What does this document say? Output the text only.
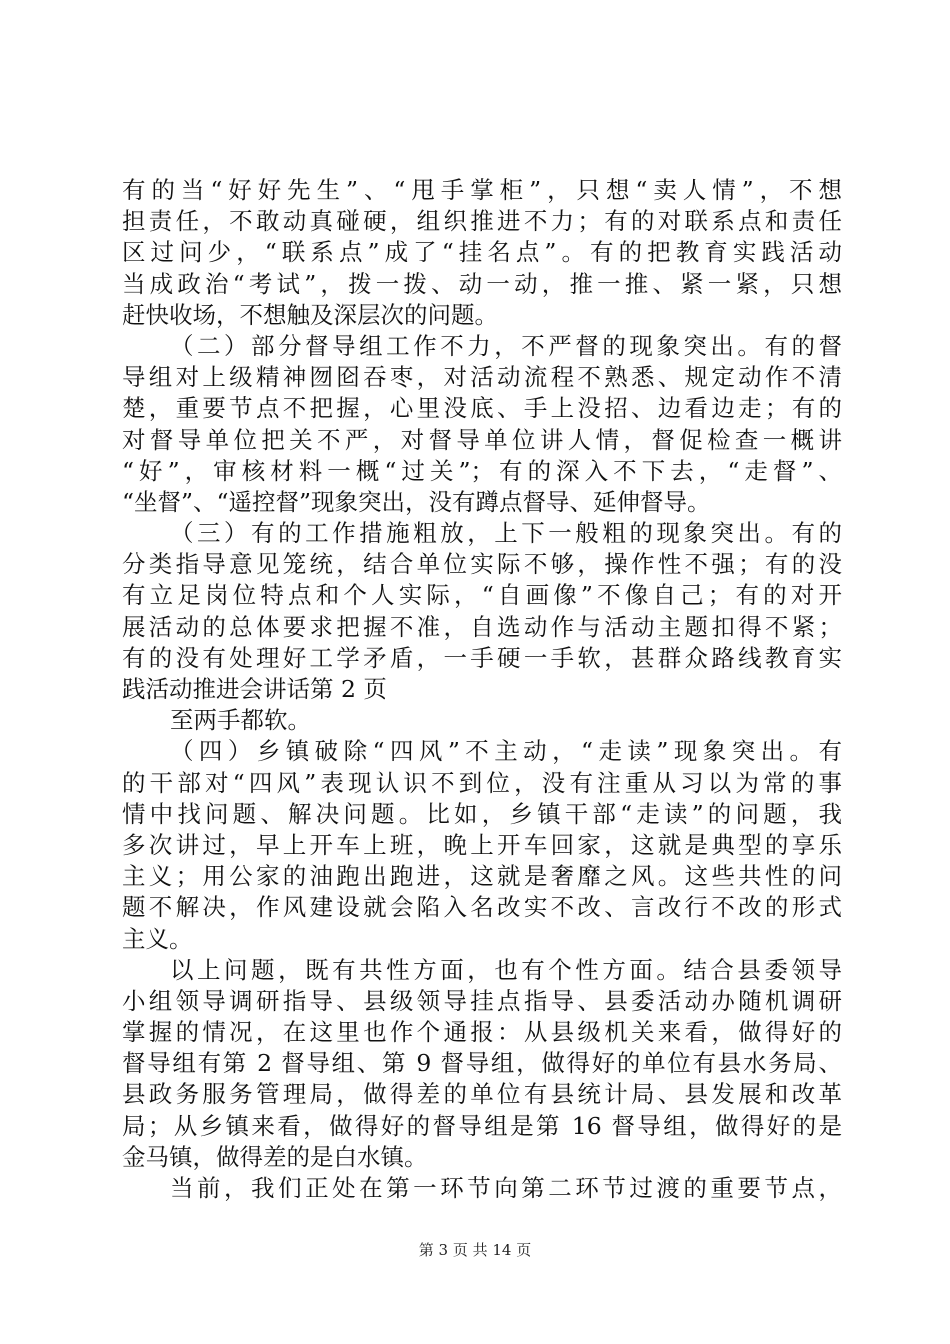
有的当“好好先生”、“甩手掌柜”，只想“卖人情”，不想
担责任，不敢动真碰硬，组织推进不力；有的对联系点和责任
区过问少，“联系点”成了“挂名点”。有的把教育实践活动
当成政治“考试”，拨一拨、动一动，推一推、紧一紧，只想
赶快收场，不想触及深层次的问题。
（二）部分督导组工作不力，不严督的现象突出。有的督
导组对上级精神囫囵吞枣，对活动流程不熟悉、规定动作不清
楚，重要节点不把握，心里没底、手上没招、边看边走；有的
对督导单位把关不严，对督导单位讲人情，督促检查一概讲
“好”，审核材料一概“过关”；有的深入不下去，“走督”、
“坐督”、“遥控督”现象突出，没有蹲点督导、延伸督导。
（三）有的工作措施粗放，上下一般粗的现象突出。有的
分类指导意见笼统，结合单位实际不够，操作性不强；有的没
有立足岗位特点和个人实际，“自画像”不像自己；有的对开
展活动的总体要求把握不准，自选动作与活动主题扣得不紧；
有的没有处理好工学矛盾，一手硬一手软，甚群众路线教育实
践活动推进会讲话第 2 页
至两手都软。
（四）乡镇破除“四风”不主动，“走读”现象突出。有
的干部对“四风”表现认识不到位，没有注重从习以为常的事
情中找问题、解决问题。比如，乡镇干部“走读”的问题，我
多次讲过，早上开车上班，晚上开车回家，这就是典型的享乐
主义；用公家的油跑出跑进，这就是奢靡之风。这些共性的问
题不解决，作风建设就会陷入名改实不改、言改行不改的形式
主义。
以上问题，既有共性方面，也有个性方面。结合县委领导
小组领导调研指导、县级领导挂点指导、县委活动办随机调研
掌握的情况，在这里也作个通报：从县级机关来看，做得好的
督导组有第 2 督导组、第 9 督导组，做得好的单位有县水务局、
县政务服务管理局，做得差的单位有县统计局、县发展和改革
局；从乡镇来看，做得好的督导组是第 16 督导组，做得好的是
金马镇，做得差的是白水镇。
当前，我们正处在第一环节向第二环节过渡的重要节点，
第 3 页 共 14 页
